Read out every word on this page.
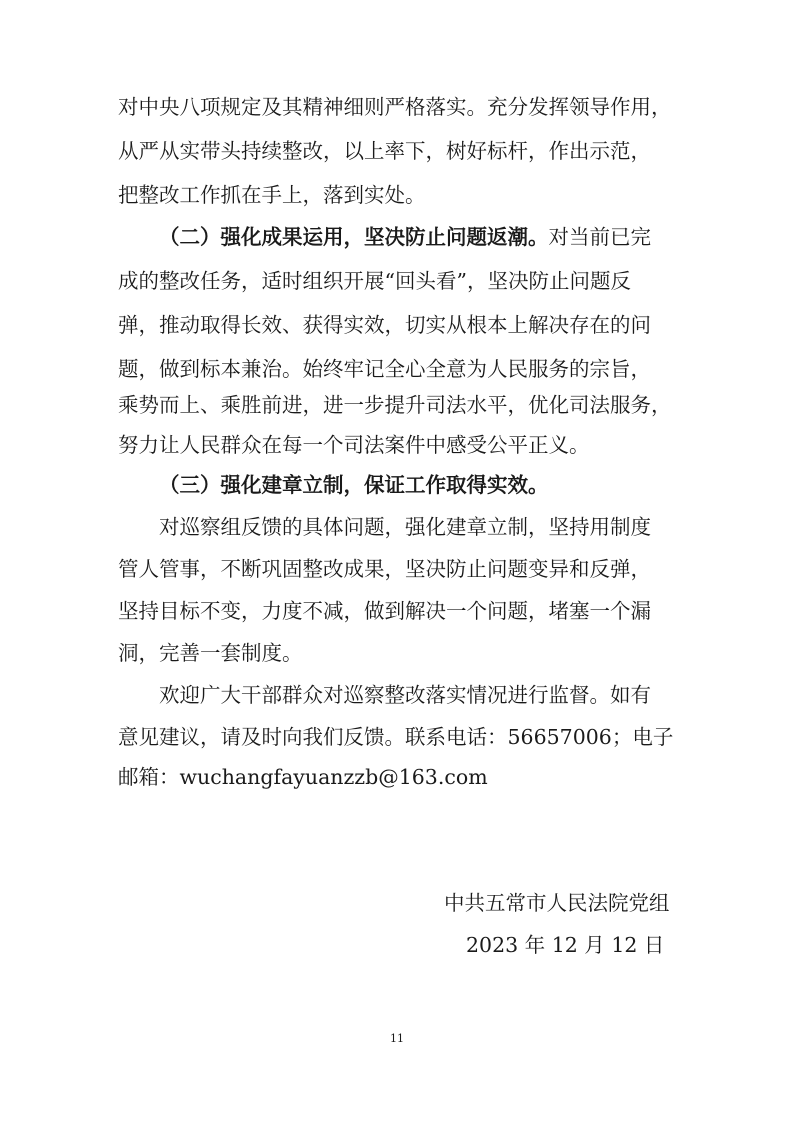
对中央八项规定及其精神细则严格落实。充分发挥领导作用，
从严从实带头持续整改，以上率下，树好标杆，作出示范，
把整改工作抓在手上，落到实处。
（二）强化成果运用，坚决防止问题返潮。对当前已完
成的整改任务，适时组织开展“回头看”，坚决防止问题反
弹，推动取得长效、获得实效，切实从根本上解决存在的问
题，做到标本兼治。始终牢记全心全意为人民服务的宗旨，
乘势而上、乘胜前进，进一步提升司法水平，优化司法服务，
努力让人民群众在每一个司法案件中感受公平正义。
（三）强化建章立制，保证工作取得实效。
对巡察组反馈的具体问题，强化建章立制，坚持用制度
管人管事，不断巩固整改成果，坚决防止问题变异和反弹，
坚持目标不变，力度不减，做到解决一个问题，堵塞一个漏
洞，完善一套制度。
欢迎广大干部群众对巡察整改落实情况进行监督。如有
意见建议，请及时向我们反馈。联系电话：56657006；电子
邮箱：wuchangfayuanzzb@163.com
中共五常市人民法院党组
2023 年 12 月 12 日
11
